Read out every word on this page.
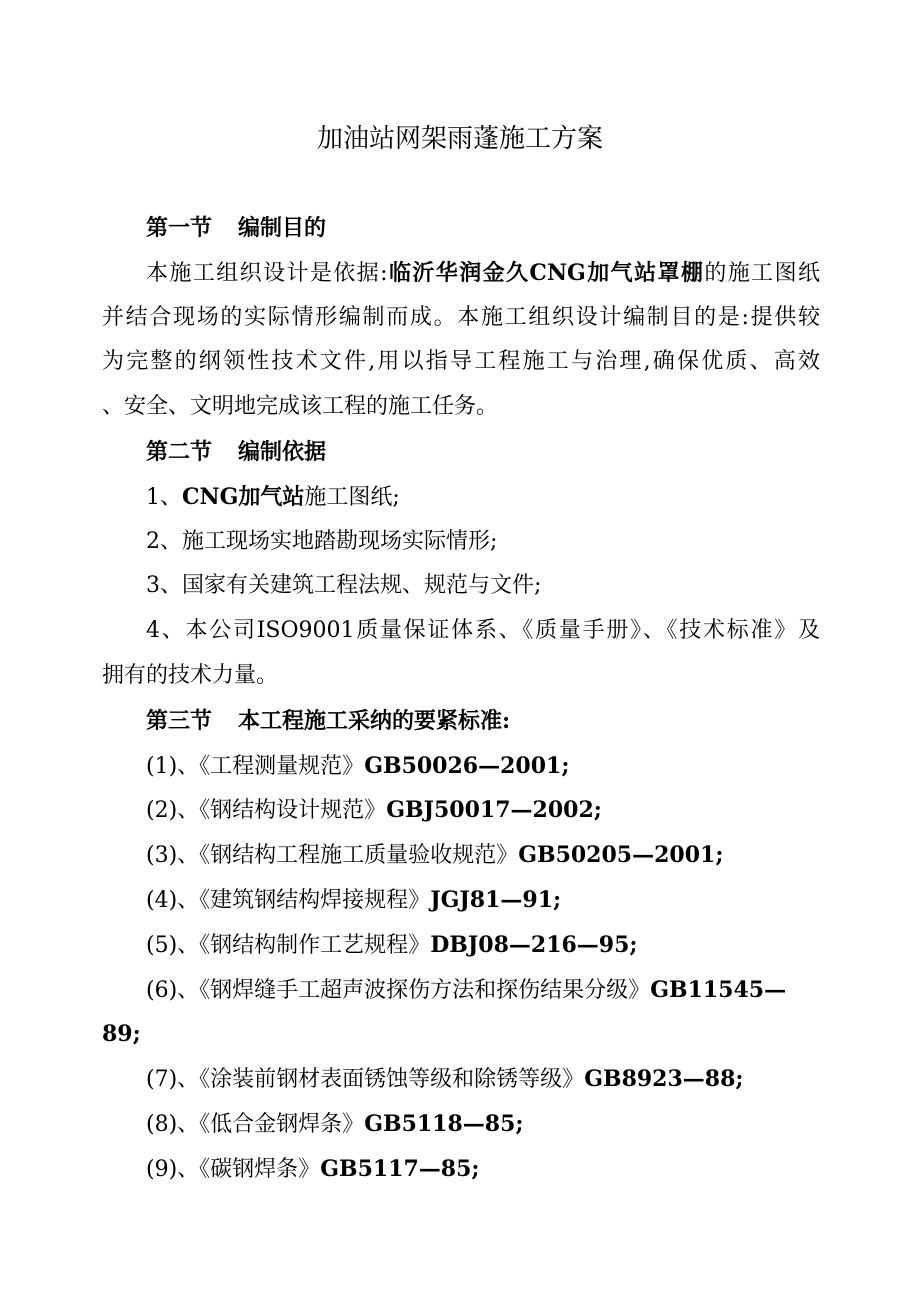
加油站网架雨蓬施工方案
第一节 编制目的
本施工组织设计是依据:临沂华润金久CNG加气站罩棚的施工图纸
并结合现场的实际情形编制而成。本施工组织设计编制目的是:提供较
为完整的纲领性技术文件,用以指导工程施工与治理,确保优质、高效
、安全、文明地完成该工程的施工任务。
第二节 编制依据
1、CNG加气站施工图纸;
2、施工现场实地踏勘现场实际情形;
3、国家有关建筑工程法规、规范与文件;
4、本公司ISO9001质量保证体系、《质量手册》、《技术标准》及
拥有的技术力量。
第三节 本工程施工采纳的要紧标准:
(1)、《工程测量规范》GB50026—2001;
(2)、《钢结构设计规范》GBJ50017—2002;
(3)、《钢结构工程施工质量验收规范》GB50205—2001;
(4)、《建筑钢结构焊接规程》JGJ81—91;
(5)、《钢结构制作工艺规程》DBJ08—216—95;
(6)、《钢焊缝手工超声波探伤方法和探伤结果分级》GB11545—
89;
(7)、《涂装前钢材表面锈蚀等级和除锈等级》GB8923—88;
(8)、《低合金钢焊条》GB5118—85;
(9)、《碳钢焊条》GB5117—85;
